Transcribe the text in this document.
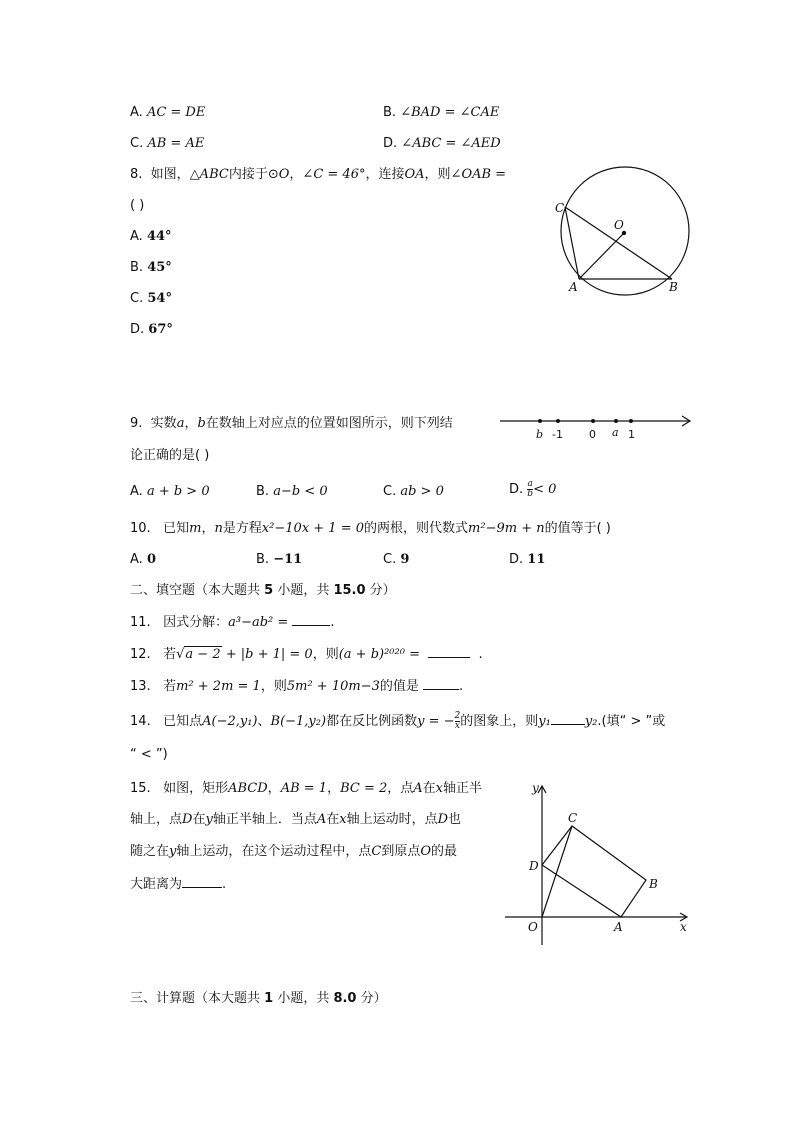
A. AC = DE	B. ∠BAD = ∠CAE
C. AB = AE	D. ∠ABC = ∠AED
8. 如图，△ABC内接于⊙O，∠C = 46°，连接OA，则∠OAB =
( )
A. 44°
B. 45°
C. 54°
D. 67°
C
O
A	B
9. 实数a，b在数轴上对应点的位置如图所示，则下列结
论正确的是( )
b -1 0 a 1
A. a + b > 0	B. a−b < 0	C. ab > 0	D. $\frac{a}{b} < 0$
10. 已知m，n是方程x²−10x + 1 = 0的两根，则代数式m²−9m + n的值等于( )
A. 0	B. −11	C. 9	D. 11
二、填空题（本大题共 5 小题，共 15.0 分）
11. 因式分解：a³−ab² =	.
12. 若√a − 2 + |b + 1| = 0，则(a + b)²⁰²⁰ =	.
13. 若m² + 2m = 1，则5m² + 10m−3的值是	.
14. 已知点A(−2,y₁)、B(−1,y₂)都在反比例函数y = − $\frac{2}{x}$ 的图象上，则y₁	y₂.(填“ > ”或
“ < ”)
15. 如图，矩形ABCD，AB = 1，BC = 2，点A在x轴正半
轴上，点D在y轴正半轴上．当点A在x轴上运动时，点D也
随之在y轴上运动，在这个运动过程中，点C到原点O的最
大距离为	.
y
C
D
B
O	A	x
三、计算题（本大题共 1 小题，共 8.0 分）
